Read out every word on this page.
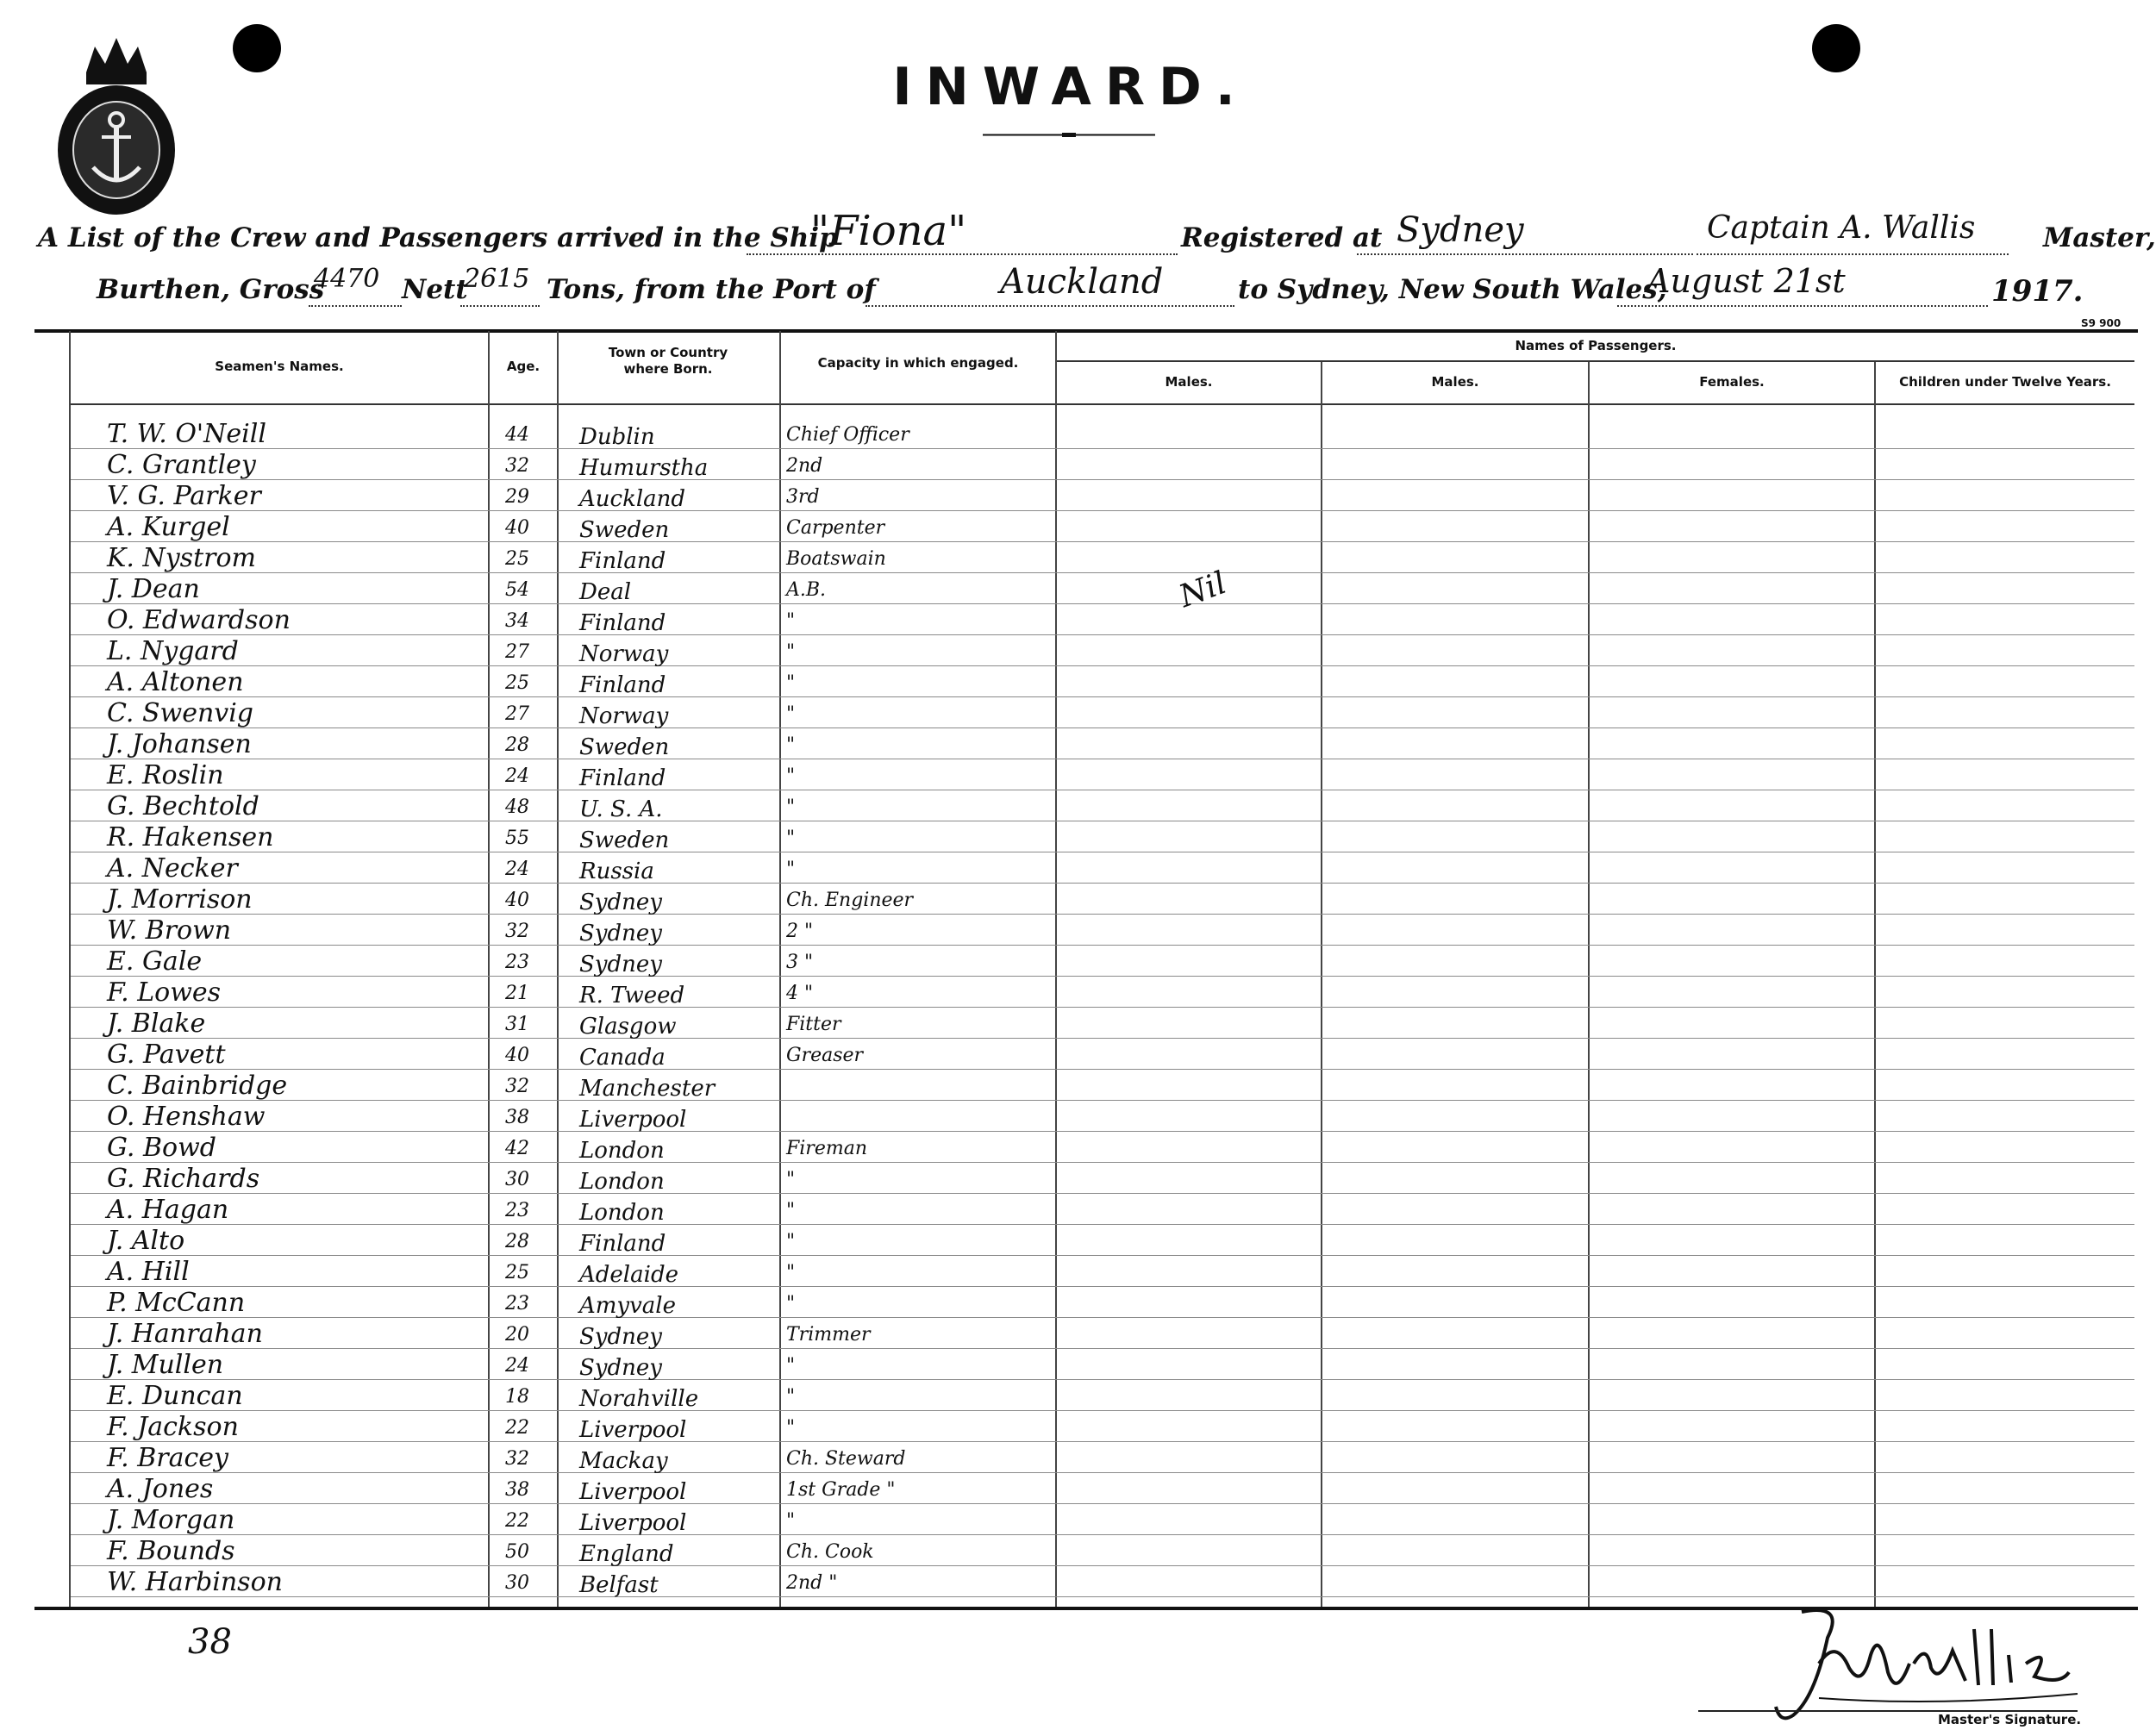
INWARD.
A List of the Crew and Passengers arrived in the Ship
"Fiona"	Registered at Sydney	Captain A. Wallis	Master,
Burthen, Gross
4470 Nett
2615 Tons, from the Port of	Auckland	to Sydney, New South Wales,
August 21st	1917.
S9 900
Seamen's Names.	Age.
Town or Country where Born.	Capacity in which engaged.
Names of Passengers.
Males.	Males.	Females.	Children under Twelve Years.
T. W. O'Neill	44	Dublin	Chief Officer
C. Grantley	32	Humurstha	2nd
V. G. Parker	29	Auckland	3rd
A. Kurgel	40	Sweden	Carpenter
K. Nystrom	25	Finland	Boatswain
J. Dean	54	Deal	A.B.
O. Edwardson	34	Finland	"
L. Nygard	27	Norway	"
A. Altonen	25	Finland	"
C. Swenvig	27	Norway	"
J. Johansen	28	Sweden	"
E. Roslin	24	Finland	"
G. Bechtold	48	U. S. A.	"
R. Hakensen	55	Sweden	"
A. Necker	24	Russia	"
J. Morrison	40	Sydney	Ch. Engineer
W. Brown	32	Sydney	2 "
E. Gale	23	Sydney	3 "
F. Lowes	21	R. Tweed	4 "
J. Blake	31	Glasgow	Fitter
G. Pavett	40	Canada	Greaser
C. Bainbridge	32	Manchester
O. Henshaw	38	Liverpool
G. Bowd	42	London	Fireman
G. Richards	30	London	"
A. Hagan	23	London	"
J. Alto	28	Finland	"
A. Hill	25	Adelaide	"
P. McCann	23	Amyvale	"
J. Hanrahan	20	Sydney	Trimmer
J. Mullen	24	Sydney	"
E. Duncan	18	Norahville	"
F. Jackson	22	Liverpool	"
F. Bracey	32	Mackay	Ch. Steward
A. Jones	38	Liverpool	1st Grade "
J. Morgan	22	Liverpool	"
F. Bounds	50	England	Ch. Cook
W. Harbinson	30	Belfast	2nd "
Nil
38
Master's Signature.
